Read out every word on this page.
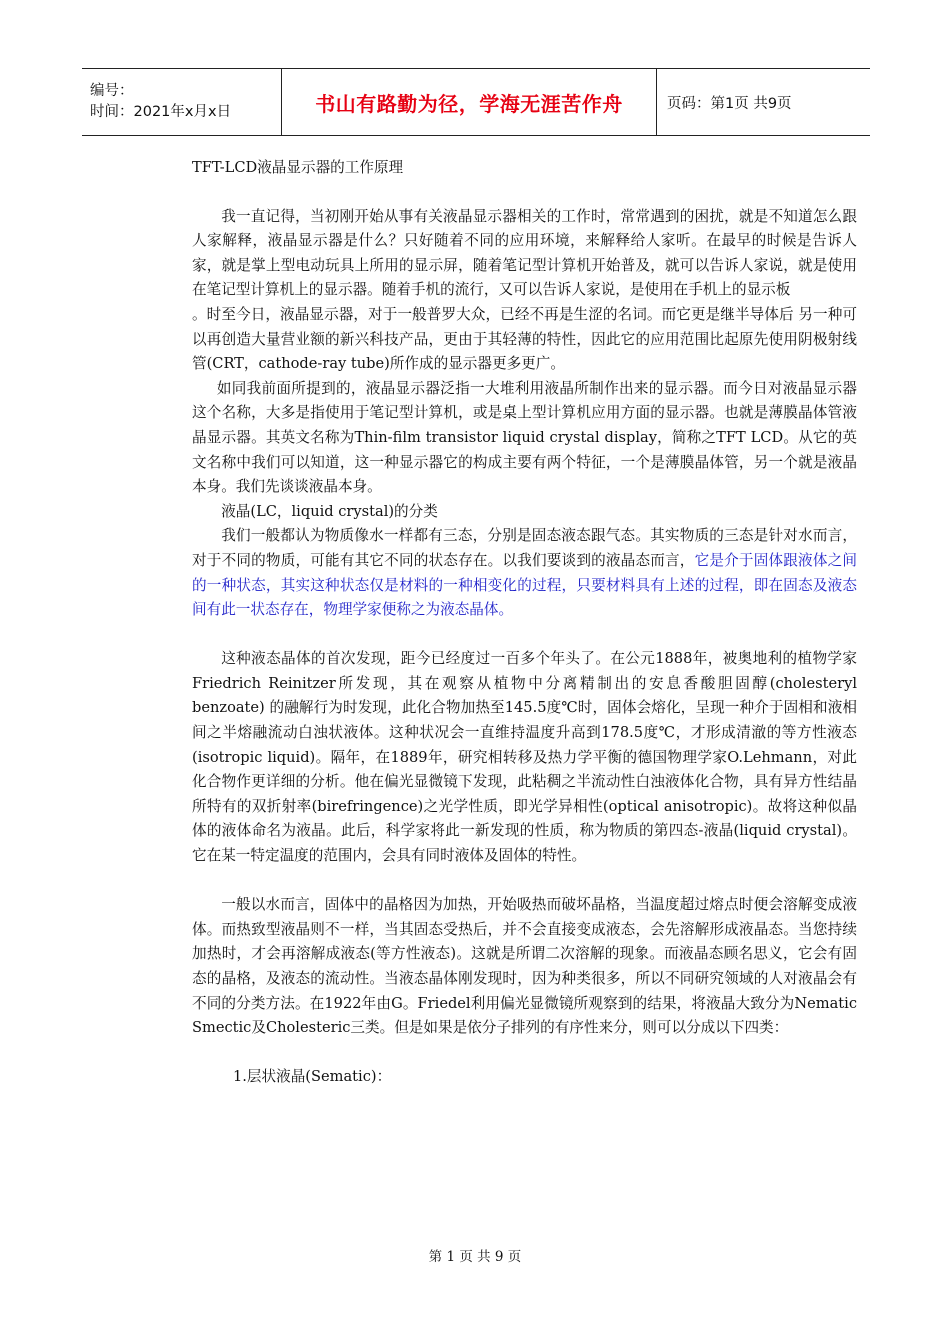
编号：
时间：2021年x月x日	书山有路勤为径，学海无涯苦作舟	页码：第1页 共9页

TFT-LCD液晶显示器的工作原理

我一直记得，当初刚开始从事有关液晶显示器相关的工作时，常常遇到的困扰，就是不知道怎么跟人家解释，液晶显示器是什么？只好随着不同的应用环境，来解释给人家听。在最早的时候是告诉人家，就是掌上型电动玩具上所用的显示屏，随着笔记型计算机开始普及，就可以告诉人家说，就是使用在笔记型计算机上的显示器。随着手机的流行，又可以告诉人家说，是使用在手机上的显示板

。时至今日，液晶显示器，对于一般普罗大众，已经不再是生涩的名词。而它更是继半导体后 另一种可以再创造大量营业额的新兴科技产品，更由于其轻薄的特性，因此它的应用范围比起原先使用阴极射线管(CRT，cathode-ray tube)所作成的显示器更多更广。

如同我前面所提到的，液晶显示器泛指一大堆利用液晶所制作出来的显示器。而今日对液晶显示器这个名称，大多是指使用于笔记型计算机，或是桌上型计算机应用方面的显示器。也就是薄膜晶体管液晶显示器。其英文名称为Thin-film transistor liquid crystal display，简称之TFT LCD。从它的英文名称中我们可以知道，这一种显示器它的构成主要有两个特征，一个是薄膜晶体管，另一个就是液晶本身。我们先谈谈液晶本身。

液晶(LC，liquid crystal)的分类

我们一般都认为物质像水一样都有三态，分别是固态液态跟气态。其实物质的三态是针对水而言，对于不同的物质，可能有其它不同的状态存在。以我们要谈到的液晶态而言，它是介于固体跟液体之间的一种状态，其实这种状态仅是材料的一种相变化的过程，只要材料具有上述的过程，即在固态及液态间有此一状态存在，物理学家便称之为液态晶体。

这种液态晶体的首次发现，距今已经度过一百多个年头了。在公元1888年，被奥地利的植物学家Friedrich Reinitzer所发现，其在观察从植物中分离精制出的安息香酸胆固醇(cholesteryl benzoate) 的融解行为时发现，此化合物加热至145.5度℃时，固体会熔化，呈现一种介于固相和液相间之半熔融流动白浊状液体。这种状况会一直维持温度升高到178.5度℃，才形成清澈的等方性液态(isotropic liquid)。隔年，在1889年，研究相转移及热力学平衡的德国物理学家O.Lehmann，对此化合物作更详细的分析。他在偏光显微镜下发现，此粘稠之半流动性白浊液体化合物，具有异方性结晶所特有的双折射率(birefringence)之光学性质，即光学异相性(optical anisotropic)。故将这种似晶体的液体命名为液晶。此后，科学家将此一新发现的性质，称为物质的第四态-液晶(liquid crystal)。它在某一特定温度的范围内，会具有同时液体及固体的特性。

一般以水而言，固体中的晶格因为加热，开始吸热而破坏晶格，当温度超过熔点时便会溶解变成液体。而热致型液晶则不一样，当其固态受热后，并不会直接变成液态，会先溶解形成液晶态。当您持续加热时，才会再溶解成液态(等方性液态)。这就是所谓二次溶解的现象。而液晶态顾名思义，它会有固态的晶格，及液态的流动性。当液态晶体刚发现时，因为种类很多，所以不同研究领域的人对液晶会有不同的分类方法。在1922年由G。Friedel利用偏光显微镜所观察到的结果，将液晶大致分为Nematic Smectic及Cholesteric三类。但是如果是依分子排列的有序性来分，则可以分成以下四类：

1.层状液晶(Sematic)：

第 1 页 共 9 页
